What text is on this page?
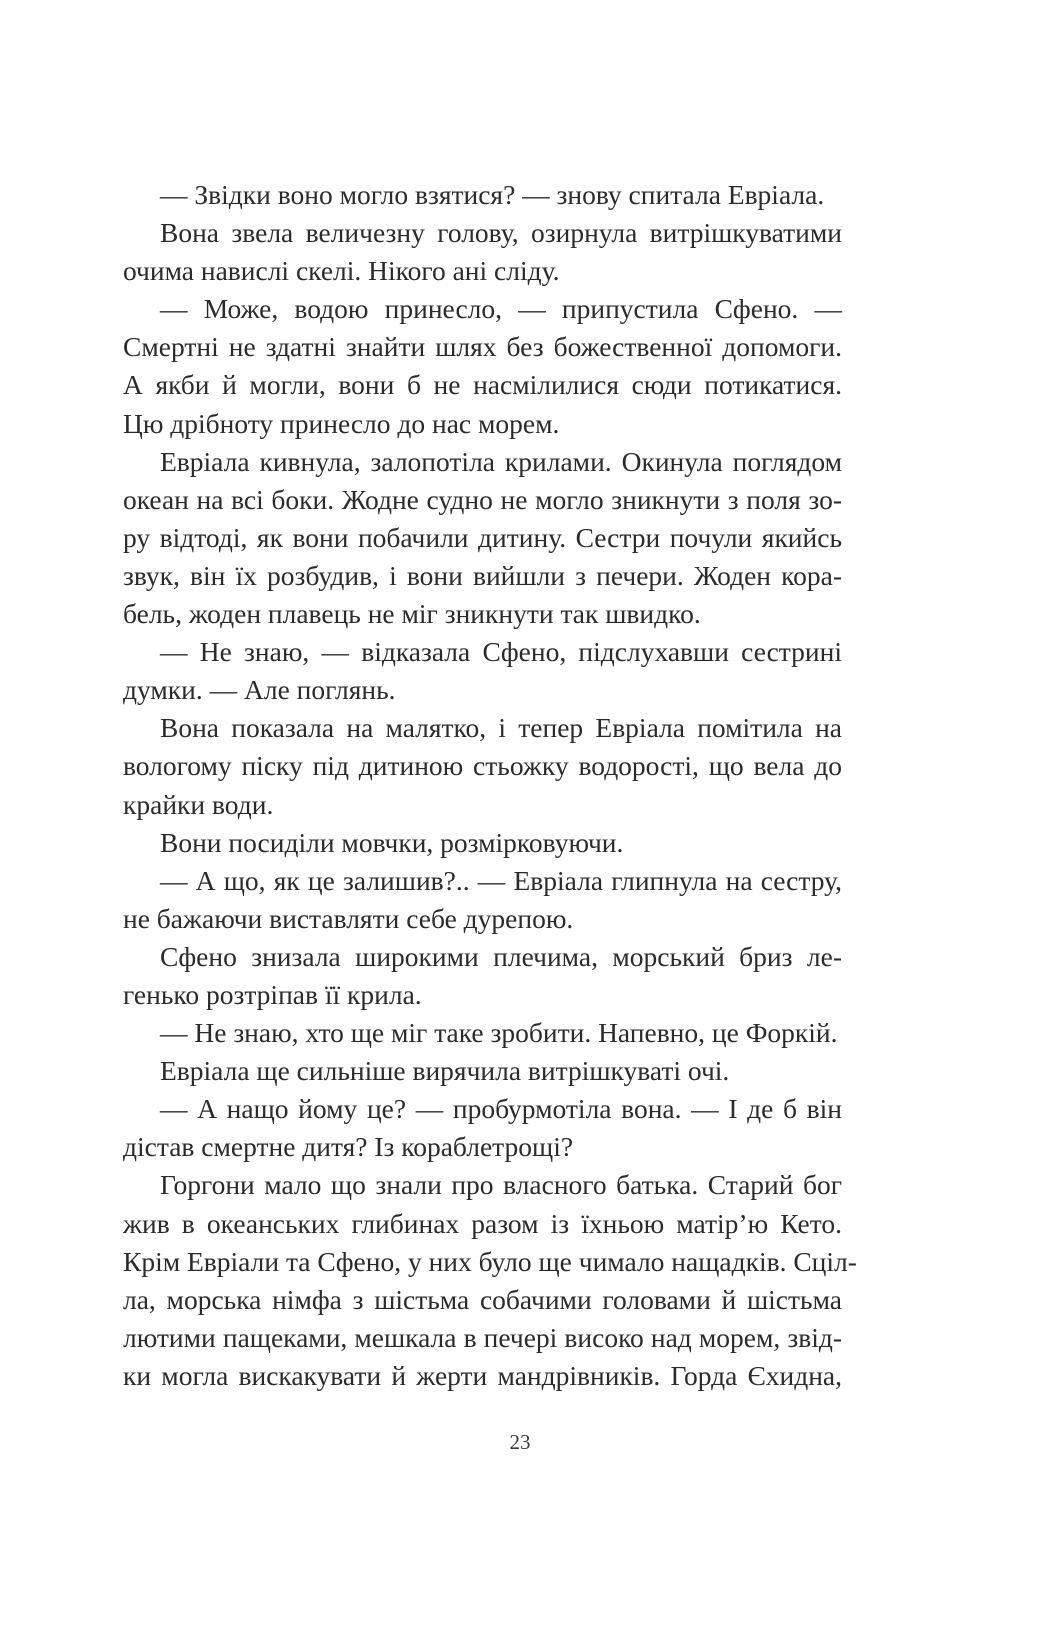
— Звідки воно могло взятися? — знову спитала Евріала.
Вона звела величезну голову, озирнула витрішкуватими
очима навислі скелі. Нікого ані сліду.
— Може, водою принесло, — припустила Сфено. —
Смертні не здатні знайти шлях без божественної допомоги.
А якби й могли, вони б не насмілилися сюди потикатися.
Цю дрібноту принесло до нас морем.
Евріала кивнула, залопотіла крилами. Окинула поглядом
океан на всі боки. Жодне судно не могло зникнути з поля зо-
ру відтоді, як вони побачили дитину. Сестри почули якийсь
звук, він їх розбудив, і вони вийшли з печери. Жоден кора-
бель, жоден плавець не міг зникнути так швидко.
— Не знаю, — відказала Сфено, підслухавши сестрині
думки. — Але поглянь.
Вона показала на малятко, і тепер Евріала помітила на
вологому піску під дитиною стьожку водорості, що вела до
крайки води.
Вони посиділи мовчки, розмірковуючи.
— А що, як це залишив?.. — Евріала глипнула на сестру,
не бажаючи виставляти себе дурепою.
Сфено знизала широкими плечима, морський бриз ле-
генько розтріпав її крила.
— Не знаю, хто ще міг таке зробити. Напевно, це Форкій.
Евріала ще сильніше вирячила витрішкуваті очі.
— А нащо йому це? — пробурмотіла вона. — І де б він
дістав смертне дитя? Із кораблетрощі?
Горгони мало що знали про власного батька. Старий бог
жив в океанських глибинах разом із їхньою матір’ю Кето.
Крім Евріали та Сфено, у них було ще чимало нащадків. Сціл-
ла, морська німфа з шістьма собачими головами й шістьма
лютими пащеками, мешкала в печері високо над морем, звід-
ки могла вискакувати й жерти мандрівників. Горда Єхидна,
23
